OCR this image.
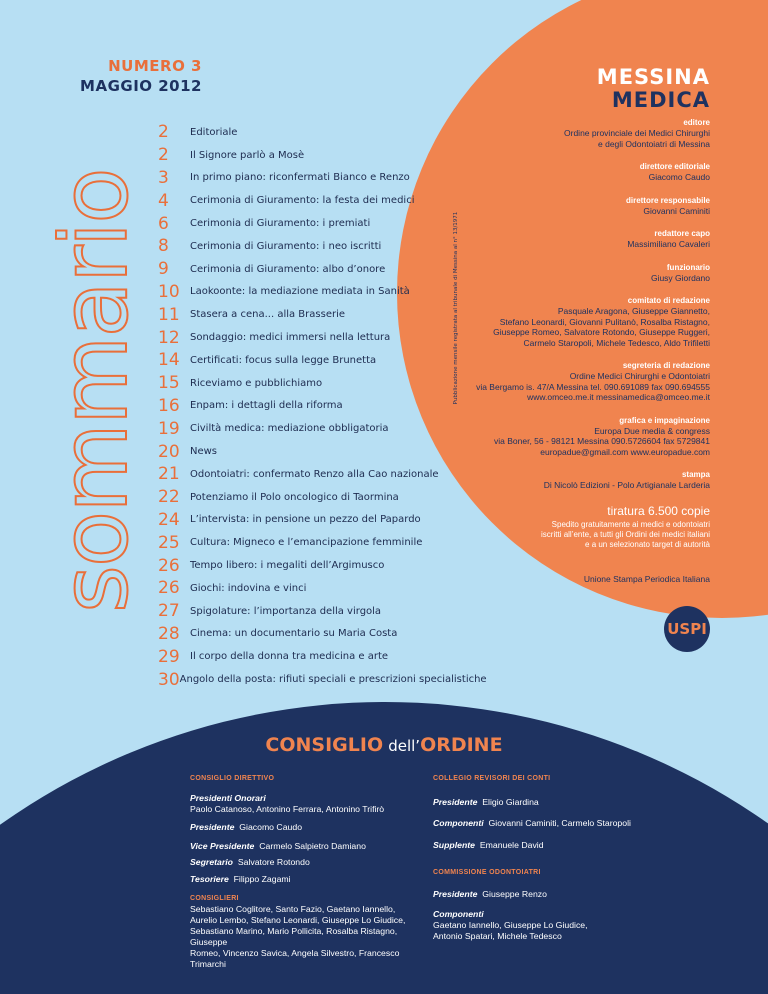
NUMERO 3
MAGGIO 2012
sommario
2	Editoriale
2	Il Signore parlò a Mosè
3	In primo piano: riconfermati Bianco e Renzo
4	Cerimonia di Giuramento: la festa dei medici
6	Cerimonia di Giuramento: i premiati
8	Cerimonia di Giuramento: i neo iscritti
9	Cerimonia di Giuramento: albo d’onore
10	Laokoonte: la mediazione mediata in Sanità
11	Stasera a cena... alla Brasserie
12	Sondaggio: medici immersi nella lettura
14	Certificati: focus sulla legge Brunetta
15	Riceviamo e pubblichiamo
16	Enpam: i dettagli della riforma
19	Civiltà medica: mediazione obbligatoria
20	News
21	Odontoiatri: confermato Renzo alla Cao nazionale
22	Potenziamo il Polo oncologico di Taormina
24	L’intervista: in pensione un pezzo del Papardo
25	Cultura: Migneco e l’emancipazione femminile
26	Tempo libero: i megaliti dell’Argimusco
26	Giochi: indovina e vinci
27	Spigolature: l’importanza della virgola
28	Cinema: un documentario su Maria Costa
29	Il corpo della donna tra medicina e arte
30 Angolo della posta: rifiuti speciali e prescrizioni specialistiche
Pubblicazione mensile registrata al tribunale di Messina al n° 13/1971
MESSINA
MEDICA
editore
Ordine provinciale dei Medici Chirurghi
e degli Odontoiatri di Messina
direttore editoriale
Giacomo Caudo
direttore responsabile
Giovanni Caminiti
redattore capo
Massimiliano Cavaleri
funzionario
Giusy Giordano
comitato di redazione
Pasquale Aragona, Giuseppe Giannetto,
Stefano Leonardi, Giovanni Pulitanò, Rosalba Ristagno,
Giuseppe Romeo, Salvatore Rotondo, Giuseppe Ruggeri,
Carmelo Staropoli, Michele Tedesco, Aldo Trifiletti
segreteria di redazione
Ordine Medici Chirurghi e Odontoiatri
via Bergamo is. 47/A Messina tel. 090.691089 fax 090.694555
www.omceo.me.it messinamedica@omceo.me.it
grafica e impaginazione
Europa Due media & congress
via Boner, 56 - 98121 Messina 090.5726604 fax 5729841
europadue@gmail.com www.europadue.com
stampa
Di Nicolò Edizioni - Polo Artigianale Larderia
tiratura 6.500 copie
Spedito gratuitamente ai medici e odontoiatri
iscritti all’ente, a tutti gli Ordini dei medici italiani
e a un selezionato target di autorità
Unione Stampa Periodica Italiana
USPI
CONSIGLIO dell’ORDINE
CONSIGLIO DIRETTIVO
Presidenti Onorari
Paolo Catanoso, Antonino Ferrara, Antonino Trifirò
Presidente Giacomo Caudo
Vice Presidente Carmelo Salpietro Damiano
Segretario Salvatore Rotondo
Tesoriere Filippo Zagami
CONSIGLIERI
Sebastiano Coglitore, Santo Fazio, Gaetano Iannello,
Aurelio Lembo, Stefano Leonardi, Giuseppe Lo Giudice,
Sebastiano Marino, Mario Pollicita, Rosalba Ristagno, Giuseppe
Romeo, Vincenzo Savica, Angela Silvestro, Francesco Trimarchi
COLLEGIO REVISORI DEI CONTI
Presidente Eligio Giardina
Componenti Giovanni Caminiti, Carmelo Staropoli
Supplente Emanuele David
COMMISSIONE ODONTOIATRI
Presidente Giuseppe Renzo
Componenti
Gaetano Iannello, Giuseppe Lo Giudice,
Antonio Spatari, Michele Tedesco
